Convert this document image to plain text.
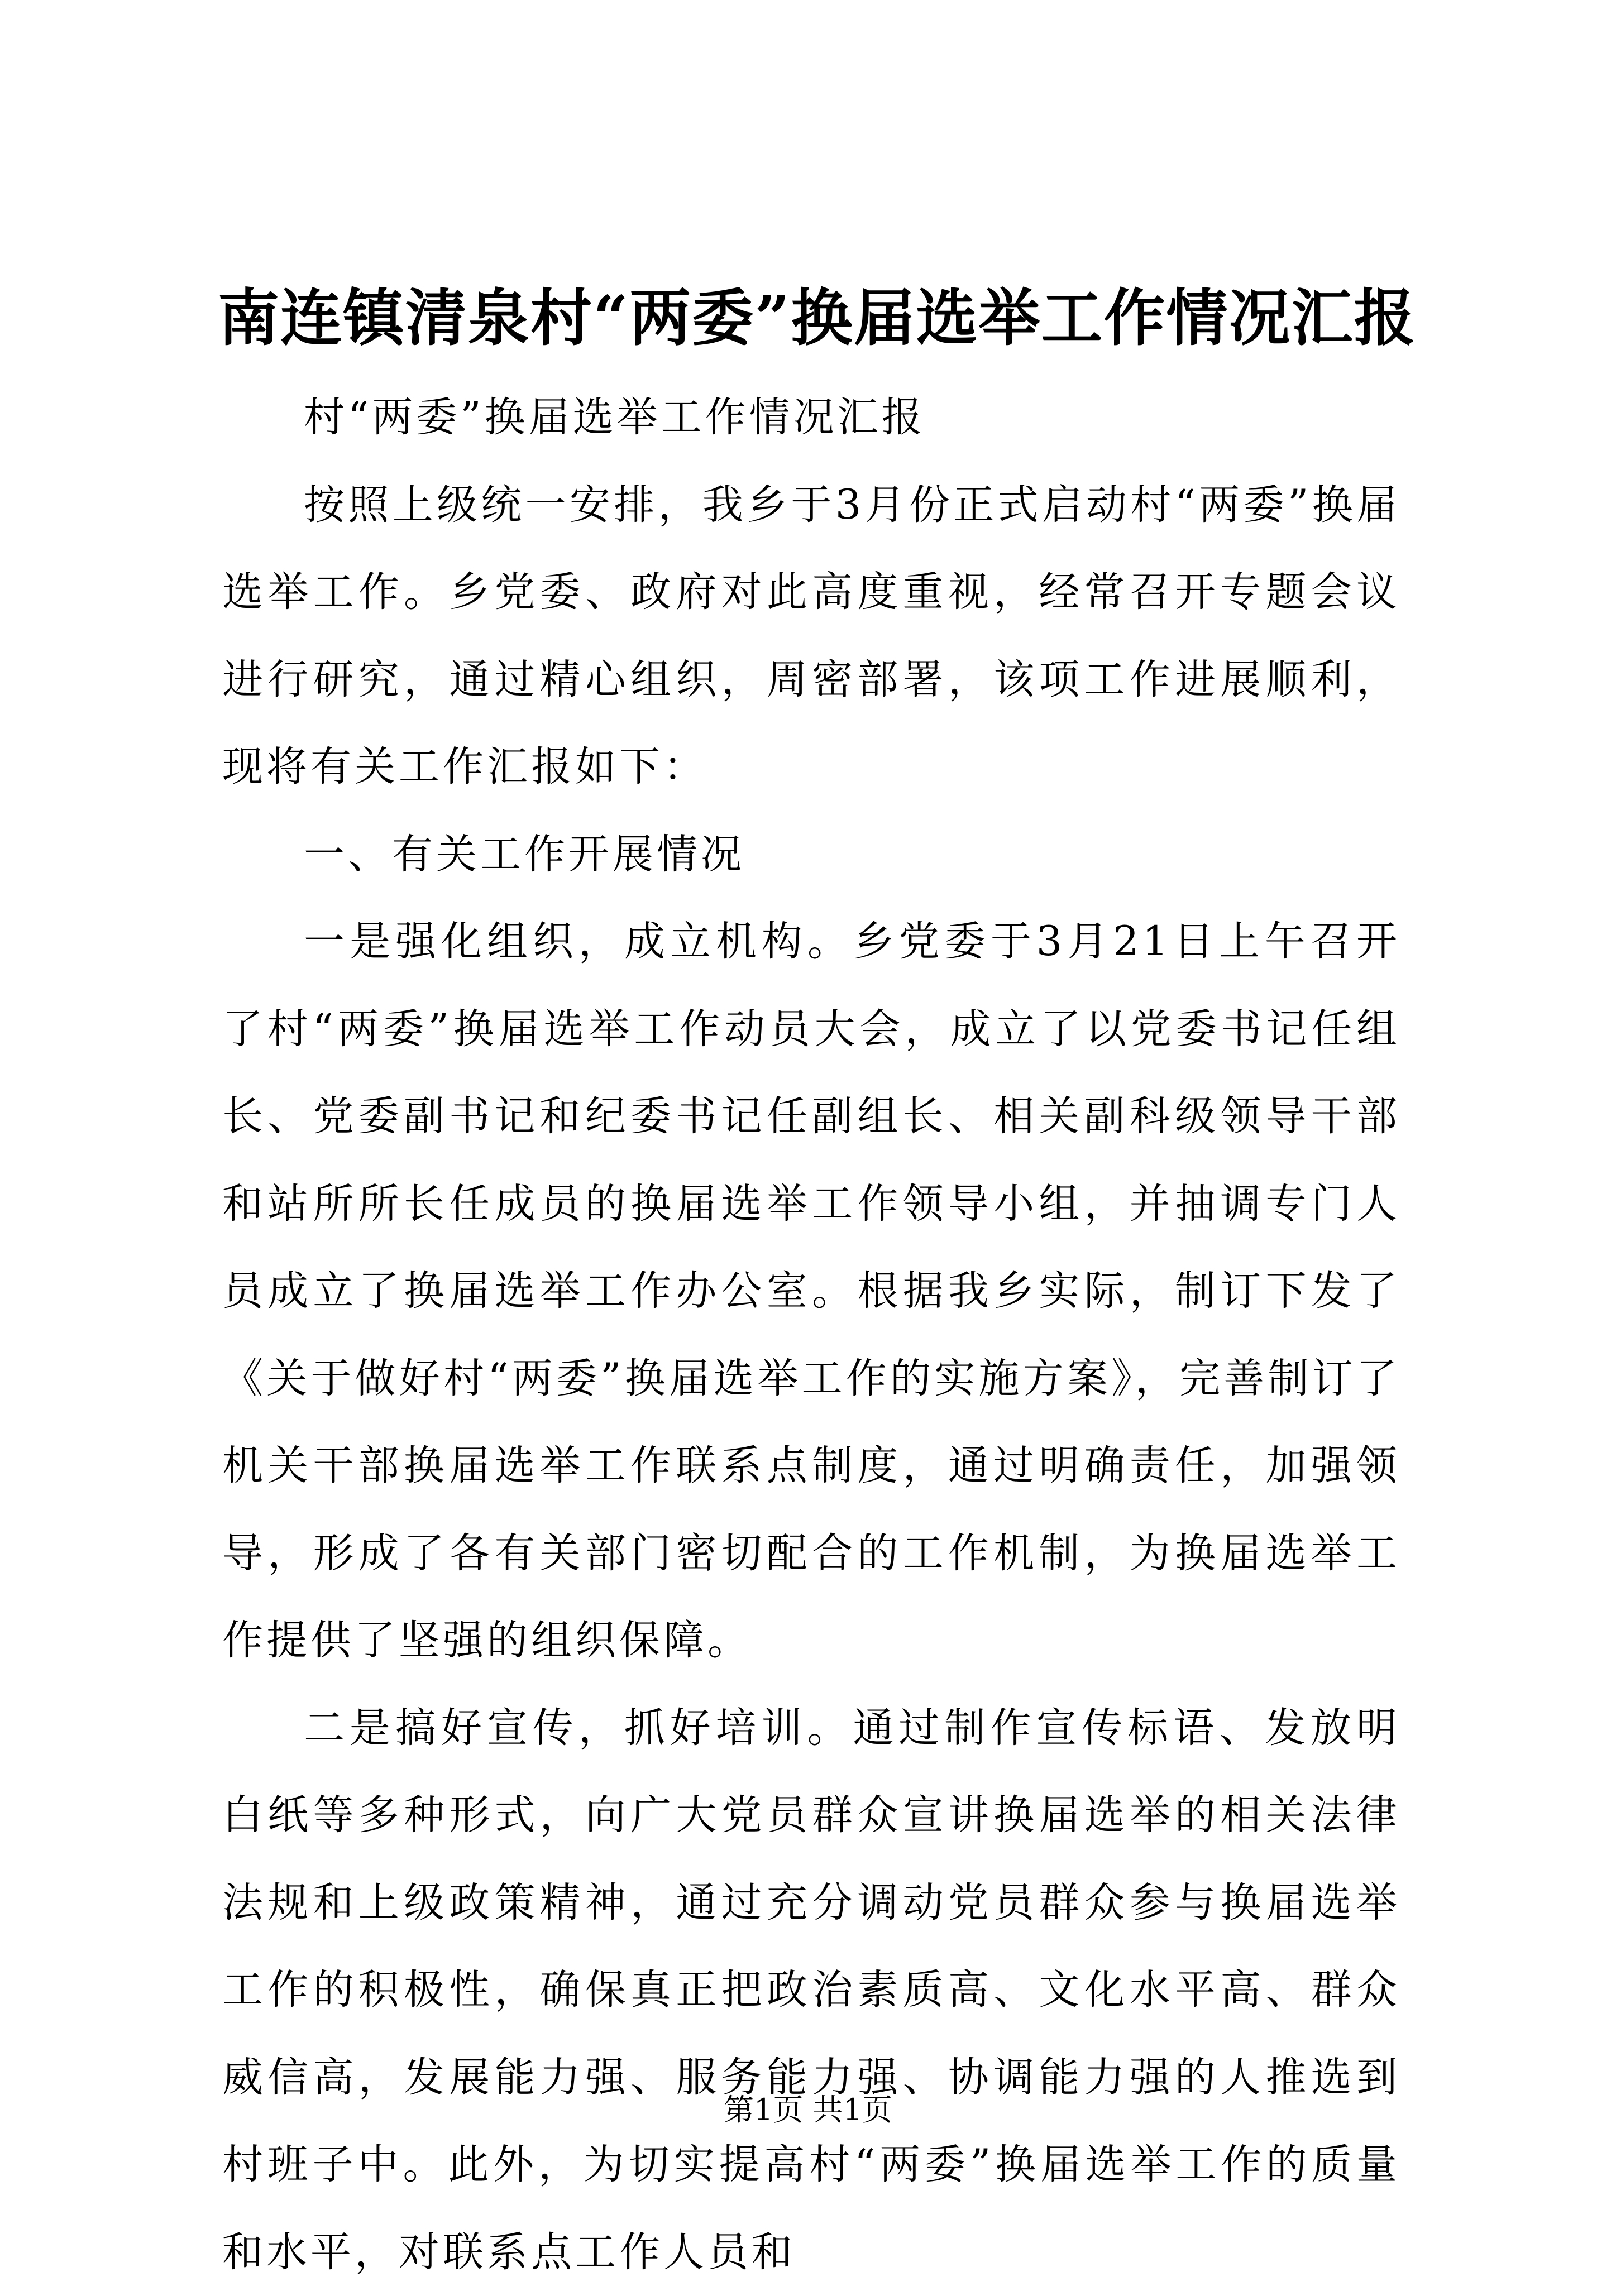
南连镇清泉村“两委”换届选举工作情况汇报

村“两委”换届选举工作情况汇报

按照上级统一安排，我乡于3月份正式启动村“两委”换届选举工作。乡党委、政府对此高度重视，经常召开专题会议进行研究，通过精心组织，周密部署，该项工作进展顺利，现将有关工作汇报如下：

一、有关工作开展情况

一是强化组织，成立机构。乡党委于3月21日上午召开了村“两委”换届选举工作动员大会，成立了以党委书记任组长、党委副书记和纪委书记任副组长、相关副科级领导干部和站所所长任成员的换届选举工作领导小组，并抽调专门人员成立了换届选举工作办公室。根据我乡实际，制订下发了《关于做好村“两委”换届选举工作的实施方案》，完善制订了机关干部换届选举工作联系点制度，通过明确责任，加强领导，形成了各有关部门密切配合的工作机制，为换届选举工作提供了坚强的组织保障。

二是搞好宣传，抓好培训。通过制作宣传标语、发放明白纸等多种形式，向广大党员群众宣讲换届选举的相关法律法规和上级政策精神，通过充分调动党员群众参与换届选举工作的积极性，确保真正把政治素质高、文化水平高、群众威信高，发展能力强、服务能力强、协调能力强的人推选到村班子中。此外，为切实提高村“两委”换届选举工作的质量和水平，对联系点工作人员和

第1页 共1页
